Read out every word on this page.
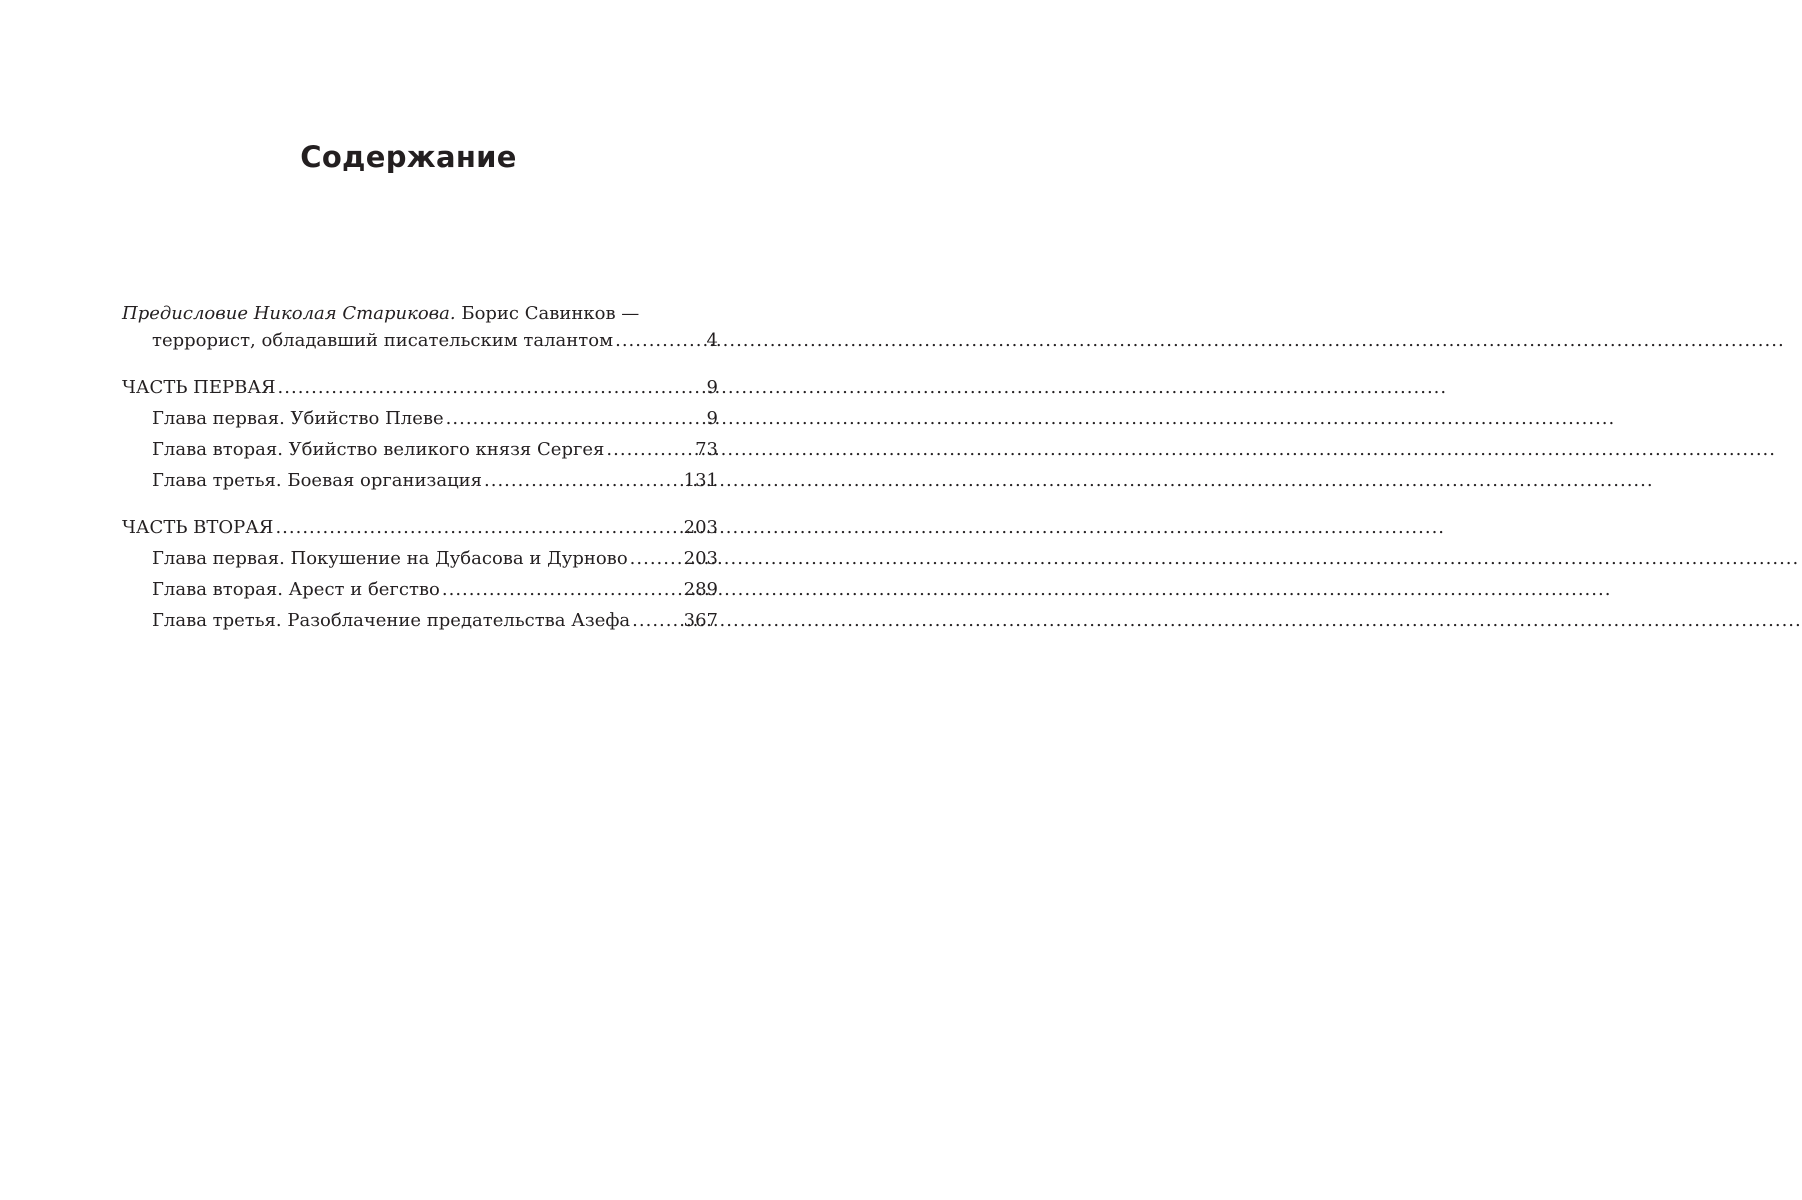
Содержание
Предисловие Николая Старикова. Борис Савинков —
террорист, обладавший писательским талантом .....	4
ЧАСТЬ ПЕРВАЯ .....	9
Глава первая. Убийство Плеве .....	9
Глава вторая. Убийство великого князя Сергея .....	73
Глава третья. Боевая организация .....	131
ЧАСТЬ ВТОРАЯ .....	203
Глава первая. Покушение на Дубасова и Дурново .....	203
Глава вторая. Арест и бегство .....	289
Глава третья. Разоблачение предательства Азефа .....	367
